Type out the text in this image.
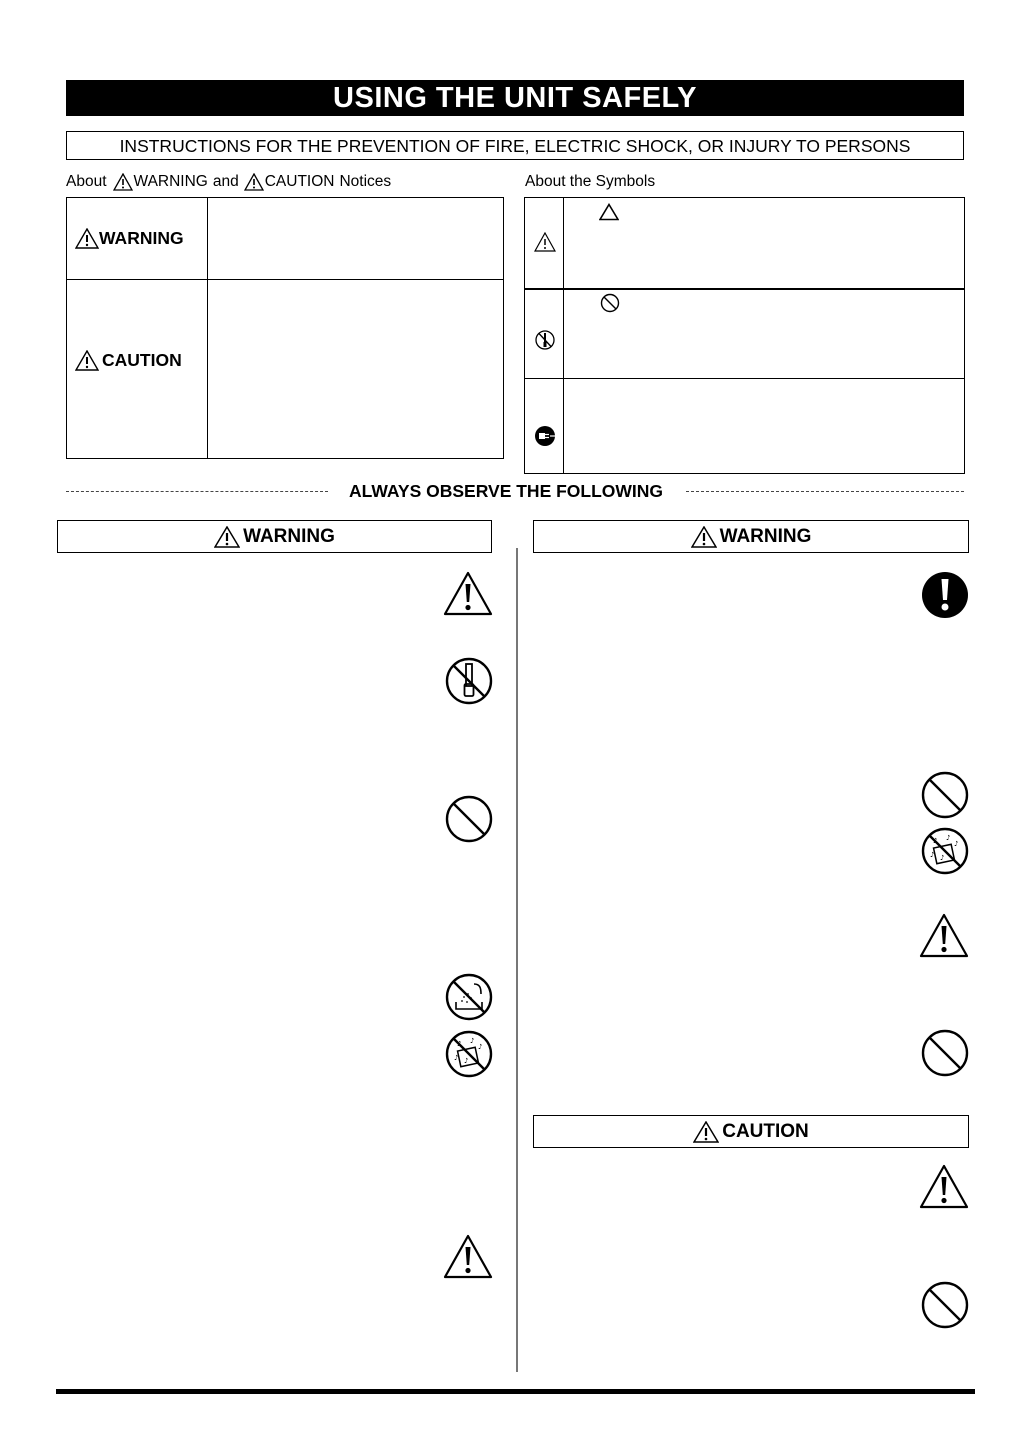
USING THE UNIT SAFELY
INSTRUCTIONS FOR THE PREVENTION OF FIRE, ELECTRIC SHOCK, OR INJURY TO PERSONS
About WARNING and CAUTION Notices	About the Symbols
WARNING
CAUTION
ALWAYS OBSERVE THE FOLLOWING
WARNING	WARNING
CAUTION
♪
♪
♪ ♪
♪
♪
♪ ♪
